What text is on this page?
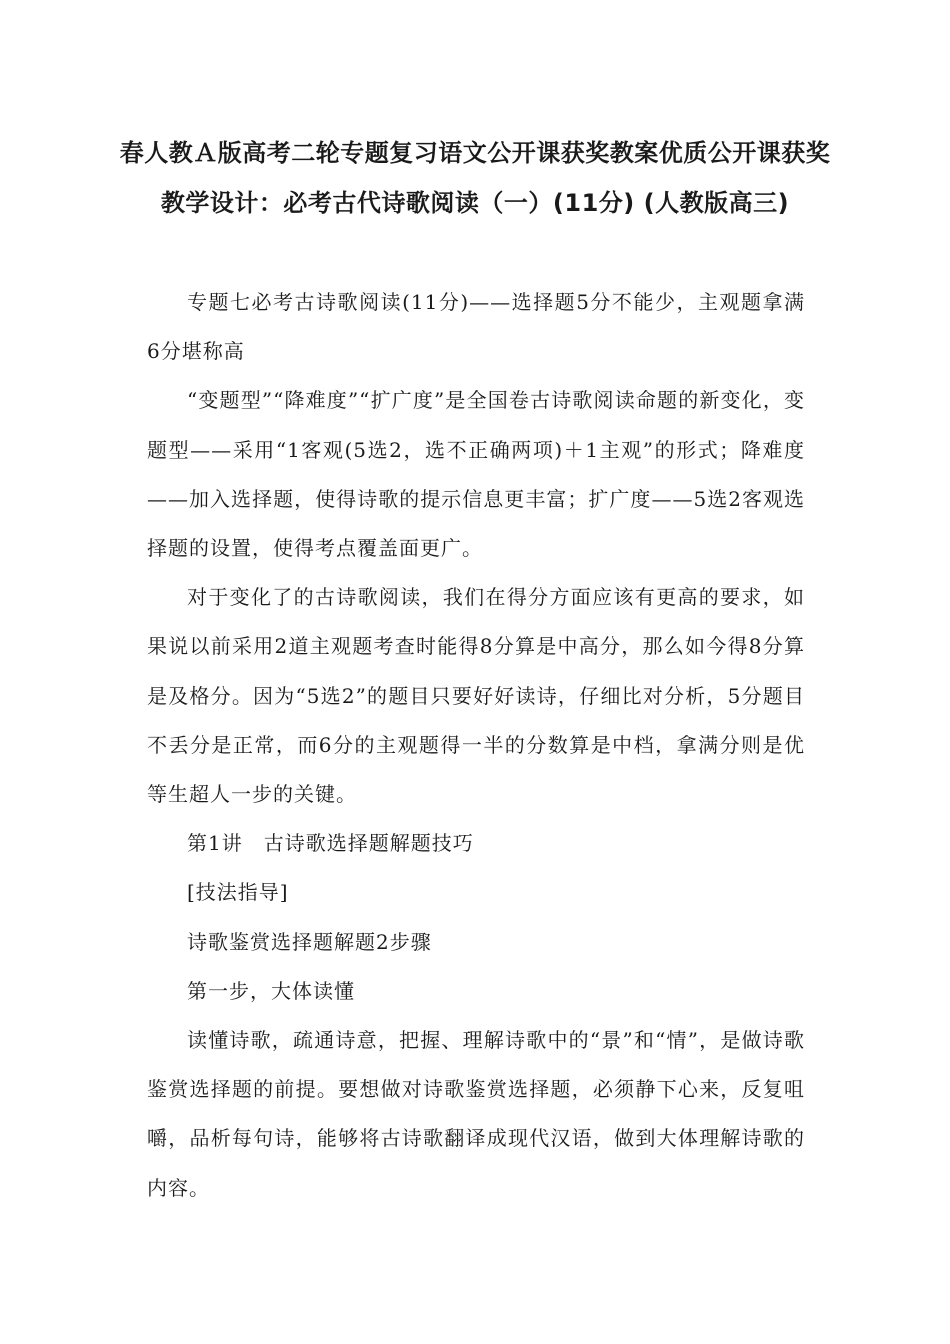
春人教Ａ版高考二轮专题复习语文公开课获奖教案优质公开课获奖
教学设计：必考古代诗歌阅读（一）(11分) (人教版高三)

专题七必考古诗歌阅读(11分)——选择题5分不能少，主观题拿满6分堪称高

“变题型”“降难度”“扩广度”是全国卷古诗歌阅读命题的新变化，变题型——采用“1客观(5选2，选不正确两项)＋1主观”的形式；降难度——加入选择题，使得诗歌的提示信息更丰富；扩广度——5选2客观选择题的设置，使得考点覆盖面更广。

对于变化了的古诗歌阅读，我们在得分方面应该有更高的要求，如果说以前采用2道主观题考查时能得8分算是中高分，那么如今得8分算是及格分。因为“5选2”的题目只要好好读诗，仔细比对分析，5分题目不丢分是正常，而6分的主观题得一半的分数算是中档，拿满分则是优等生超人一步的关键。

第1讲　古诗歌选择题解题技巧

[技法指导]

诗歌鉴赏选择题解题2步骤

第一步，大体读懂

读懂诗歌，疏通诗意，把握、理解诗歌中的“景”和“情”，是做诗歌鉴赏选择题的前提。要想做对诗歌鉴赏选择题，必须静下心来，反复咀嚼，品析每句诗，能够将古诗歌翻译成现代汉语，做到大体理解诗歌的内容。
